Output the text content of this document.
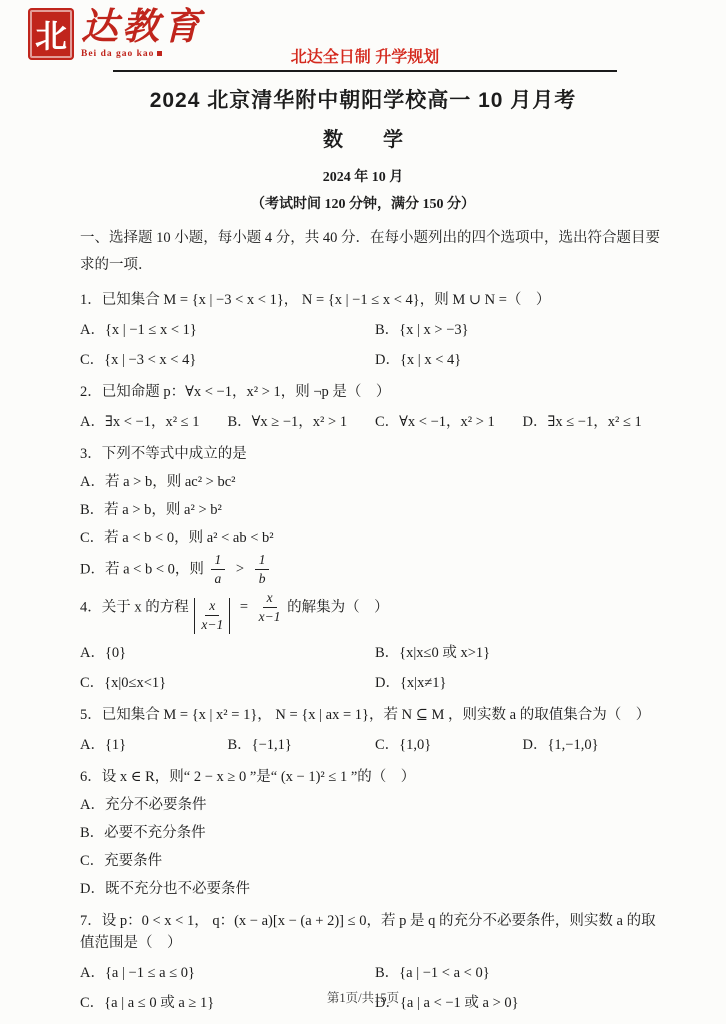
北 达教育
Bei da gao kao	北达全日制 升学规划
2024 北京清华附中朝阳学校高一 10 月月考
数　　学
2024 年 10 月
（考试时间 120 分钟，满分 150 分）
一、选择题 10 小题，每小题 4 分，共 40 分．在每小题列出的四个选项中，选出符合题目要
求的一项．
1．已知集合 M = {x | −3 < x < 1}， N = {x | −1 ≤ x < 4}，则 M ∪ N =（　）
A．{x | −1 ≤ x < 1}	B．{x | x > −3}
C．{x | −3 < x < 4}	D．{x | x < 4}
2．已知命题 p：∀x < −1，x² > 1，则 ¬p 是（　）
A．∃x < −1，x² ≤ 1	B．∀x ≥ −1，x² > 1	C．∀x < −1，x² > 1	D．∃x ≤ −1，x² ≤ 1
3．下列不等式中成立的是
A．若 a > b，则 ac² > bc²
B．若 a > b，则 a² > b²
C．若 a < b < 0，则 a² < ab < b²
D．若 a < b < 0，则 $\frac{1}{a} > \frac{1}{b}$
4．关于 x 的方程 $\frac{x}{x-1} = \frac{x}{x-1}$ 的解集为（　）
A．{0}	B．{x|x≤0 或 x>1}
C．{x|0≤x<1}	D．{x|x≠1}
5．已知集合 M = {x | x² = 1}， N = {x | ax = 1}，若 N ⊆ M ，则实数 a 的取值集合为（　）
A．{1}	B．{−1,1}	C．{1,0}	D．{1,−1,0}
6．设 x ∈ R，则“ 2 − x ≥ 0 ”是“ (x − 1)² ≤ 1 ”的（　）
A．充分不必要条件
B．必要不充分条件
C．充要条件
D．既不充分也不必要条件
7．设 p：0 < x < 1， q：(x − a)[x − (a + 2)] ≤ 0，若 p 是 q 的充分不必要条件，则实数 a 的取值范围是（　）
A．{a | −1 ≤ a ≤ 0}	B．{a | −1 < a < 0}
C．{a | a ≤ 0 或 a ≥ 1}	D．{a | a < −1 或 a > 0}
第1页/共15页
